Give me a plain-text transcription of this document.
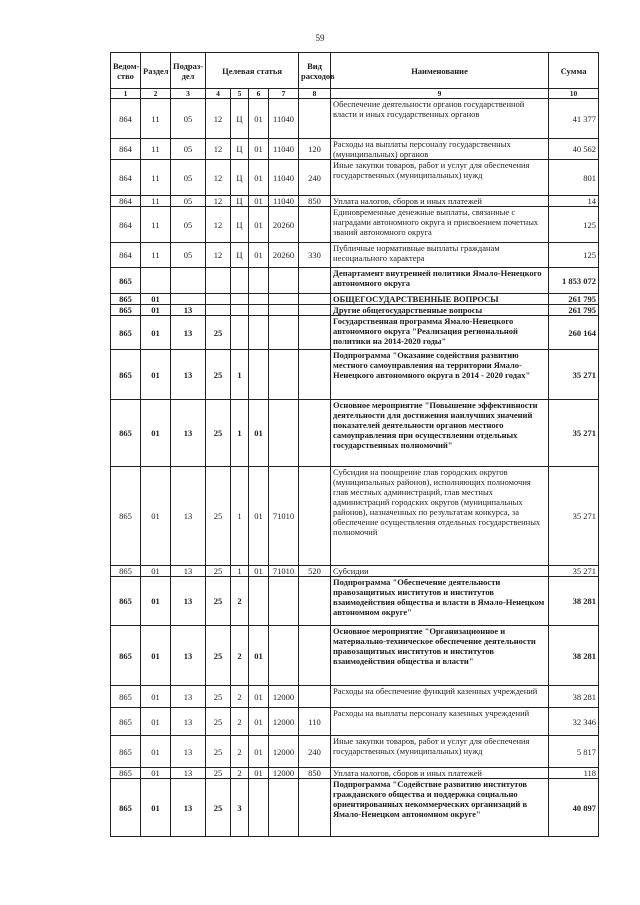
59
Ведом-
ство	Раздел	Подраз-
дел	Целевая статья				Вид
расходов	Наименование	Сумма
1	2	3	4	5	6	7	8	9	10
864	11	05	12	Ц	01	11040		Обеспечение деятельности органов государственной власти и иных государственных органов	41 377
864	11	05	12	Ц	01	11040	120	Расходы на выплаты персоналу государственных (муниципальных) органов	40 562
864	11	05	12	Ц	01	11040	240	Иные закупки товаров, работ и услуг для обеспечения государственных (муниципальных) нужд	801
864	11	05	12	Ц	01	11040	850	Уплата налогов, сборов и иных платежей	14
864	11	05	12	Ц	01	20260		Единовременные денежные выплаты, связанные с наградами автономного округа и присвоением почетных званий автономного округа	125
864	11	05	12	Ц	01	20260	330	Публичные нормативные выплаты гражданам несоциального характера	125
865								Департамент внутренней политики Ямало-Ненецкого автономного округа	1 853 072
865	01							ОБЩЕГОСУДАРСТВЕННЫЕ ВОПРОСЫ	261 795
865	01	13						Другие общегосударственные вопросы	261 795
865	01	13	25					Государственная программа Ямало-Ненецкого автономного округа "Реализация региональной политики на 2014-2020 годы"	260 164
865	01	13	25	1				Подпрограмма "Оказание содействия развитию местного самоуправления на территории Ямало-Ненецкого автономного округа в 2014 - 2020 годах"	35 271
865	01	13	25	1	01			Основное мероприятие "Повышение эффективности деятельности для достижения наилучших значений показателей деятельности органов местного самоуправления при осуществлении отдельных государственных полномочий"	35 271
865	01	13	25	1	01	71010		Субсидия на поощрение глав городских округов (муниципальных районов), исполняющих полномочия глав местных администраций, глав местных администраций городских округов (муниципальных районов), назначенных по результатам конкурса, за обеспечение осуществления отдельных государственных полномочий	35 271
865	01	13	25	1	01	71010	520	Субсидии	35 271
865	01	13	25	2				Подпрограмма "Обеспечение деятельности правозащитных институтов и институтов взаимодействия общества и власти в Ямало-Ненецком автономном округе"	38 281
865	01	13	25	2	01			Основное мероприятие "Организационное и материально-техническое обеспечение деятельности правозащитных институтов и институтов взаимодействия общества и власти"	38 281
865	01	13	25	2	01	12000		Расходы на обеспечение функций казенных учреждений	38 281
865	01	13	25	2	01	12000	110	Расходы на выплаты персоналу казенных учреждений	32 346
865	01	13	25	2	01	12000	240	Иные закупки товаров, работ и услуг для обеспечения государственных (муниципальных) нужд	5 817
865	01	13	25	2	01	12000	850	Уплата налогов, сборов и иных платежей	118
865	01	13	25	3				Подпрограмма "Содействие развитию институтов гражданского общества и поддержка социально ориентированных некоммерческих организаций в Ямало-Ненецком автономном округе"	40 897
